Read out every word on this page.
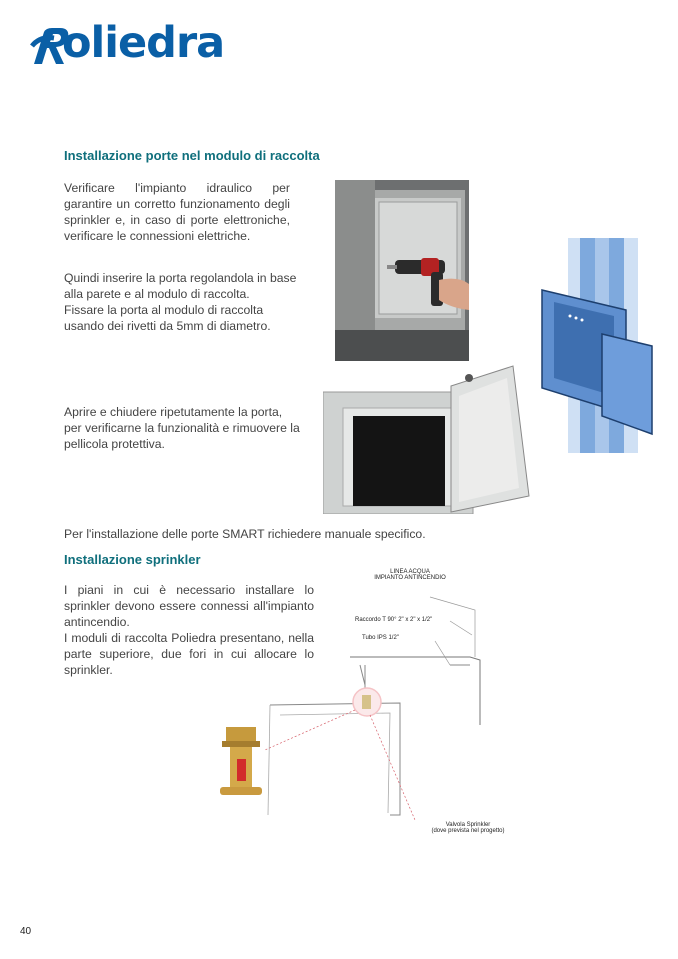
oliedra
Installazione porte nel modulo di raccolta
Verificare l'impianto idraulico per garantire un corretto funzionamento degli sprinkler e, in caso di porte elettroniche, verificare le connessioni elettriche.
Quindi inserire la porta regolandola in base
alla parete e al modulo di raccolta.
Fissare la porta al modulo di raccolta
usando dei rivetti da 5mm di diametro.
Aprire e chiudere ripetutamente la porta,
per verificarne la funzionalità e rimuovere la
pellicola protettiva.
Per l'installazione delle porte SMART richiedere manuale specifico.
Installazione sprinkler
I piani in cui è necessario installare lo sprinkler devono essere connessi all'impianto antincendio.
I moduli di raccolta Poliedra presentano, nella parte superiore, due fori in cui allocare lo sprinkler.
LINEA ACQUA
IMPIANTO ANTINCENDIO
Raccordo T 90° 2" x 2" x 1/2"
Tubo IPS 1/2"
Valvola Sprinkler
(dove prevista nel progetto)
40
